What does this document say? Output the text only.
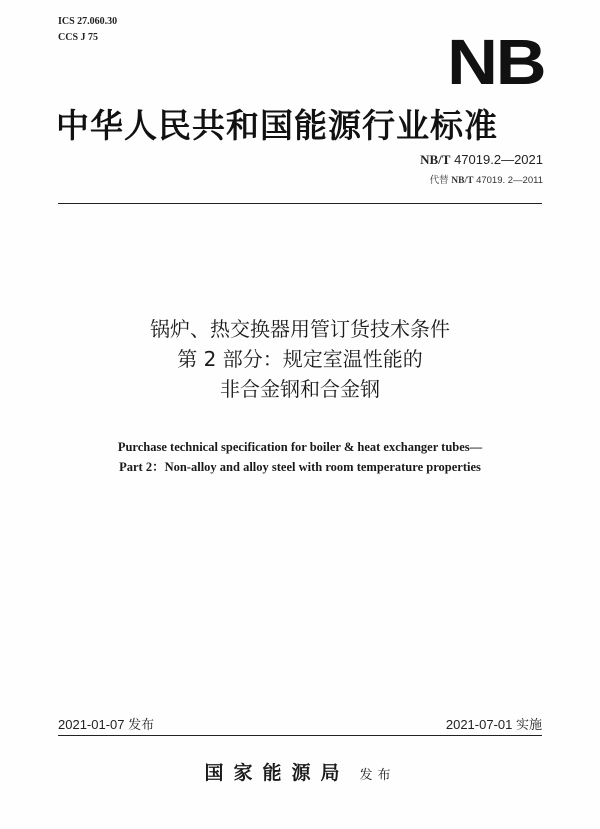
ICS 27.060.30
CCS J 75	NB
中华人民共和国能源行业标准
NB/T 47019.2—2021
代替 NB/T 47019. 2—2011
锅炉、热交换器用管订货技术条件
第 2 部分：规定室温性能的
非合金钢和合金钢
Purchase technical specification for boiler & heat exchanger tubes—
Part 2：Non-alloy and alloy steel with room temperature properties
2021-01-07 发布	2021-07-01 实施
国家能源局 发布
